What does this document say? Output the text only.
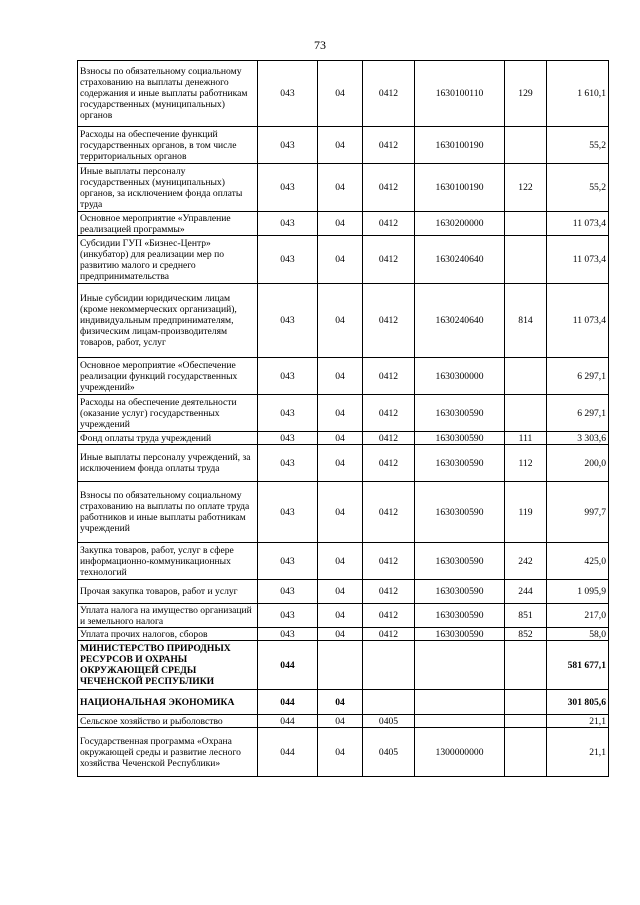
73
Взносы по обязательному социальному страхованию на выплаты денежного содержания и иные выплаты работникам государственных (муниципальных) органов	043	04	0412	1630100110	129	1 610,1
Расходы на обеспечение функций государственных органов, в том числе территориальных органов	043	04	0412	1630100190		55,2
Иные выплаты персоналу государственных (муниципальных) органов, за исключением фонда оплаты труда	043	04	0412	1630100190	122	55,2
Основное мероприятие «Управление реализацией программы»	043	04	0412	1630200000		11 073,4
Субсидии ГУП «Бизнес-Центр» (инкубатор) для реализации мер по развитию малого и среднего предпринимательства	043	04	0412	1630240640		11 073,4
Иные субсидии юридическим лицам (кроме некоммерческих организаций), индивидуальным предпринимателям, физическим лицам-производителям товаров, работ, услуг	043	04	0412	1630240640	814	11 073,4
Основное мероприятие «Обеспечение реализации функций государственных учреждений»	043	04	0412	1630300000		6 297,1
Расходы на обеспечение деятельности (оказание услуг) государственных учреждений	043	04	0412	1630300590		6 297,1
Фонд оплаты труда учреждений	043	04	0412	1630300590	111	3 303,6
Иные выплаты персоналу учреждений, за исключением фонда оплаты труда	043	04	0412	1630300590	112	200,0
Взносы по обязательному социальному страхованию на выплаты по оплате труда работников и иные выплаты работникам учреждений	043	04	0412	1630300590	119	997,7
Закупка товаров, работ, услуг в сфере информационно-коммуникационных технологий	043	04	0412	1630300590	242	425,0
Прочая закупка товаров, работ и услуг	043	04	0412	1630300590	244	1 095,9
Уплата налога на имущество организаций и земельного налога	043	04	0412	1630300590	851	217,0
Уплата прочих налогов, сборов	043	04	0412	1630300590	852	58,0
МИНИСТЕРСТВО ПРИРОДНЫХ РЕСУРСОВ И ОХРАНЫ ОКРУЖАЮЩЕЙ СРЕДЫ ЧЕЧЕНСКОЙ РЕСПУБЛИКИ	044					581 677,1
НАЦИОНАЛЬНАЯ ЭКОНОМИКА	044	04				301 805,6
Сельское хозяйство и рыболовство	044	04	0405			21,1
Государственная программа «Охрана окружающей среды и развитие лесного хозяйства Чеченской Республики»	044	04	0405	1300000000		21,1
